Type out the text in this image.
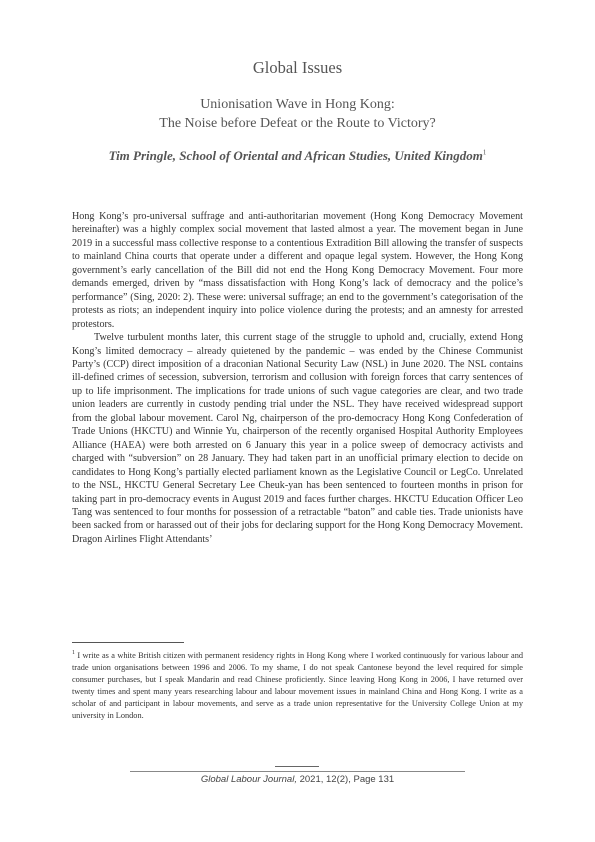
Global Issues
Unionisation Wave in Hong Kong:
The Noise before Defeat or the Route to Victory?

Tim Pringle, School of Oriental and African Studies, United Kingdom$^1$

Hong Kong’s pro-universal suffrage and anti-authoritarian movement (Hong Kong Democracy Movement hereinafter) was a highly complex social movement that lasted almost a year. The movement began in June 2019 in a successful mass collective response to a contentious Extradition Bill allowing the transfer of suspects to mainland China courts that operate under a different and opaque legal system. However, the Hong Kong government’s early cancellation of the Bill did not end the Hong Kong Democracy Movement. Four more demands emerged, driven by “mass dissatisfaction with Hong Kong’s lack of democracy and the police’s performance” (Sing, 2020: 2). These were: universal suffrage; an end to the government’s categorisation of the protests as riots; an independent inquiry into police violence during the protests; and an amnesty for arrested protestors.

Twelve turbulent months later, this current stage of the struggle to uphold and, crucially, extend Hong Kong’s limited democracy – already quietened by the pandemic – was ended by the Chinese Communist Party’s (CCP) direct imposition of a draconian National Security Law (NSL) in June 2020. The NSL contains ill-defined crimes of secession, subversion, terrorism and collusion with foreign forces that carry sentences of up to life imprisonment. The implications for trade unions of such vague categories are clear, and two trade union leaders are currently in custody pending trial under the NSL. They have received widespread support from the global labour movement. Carol Ng, chairperson of the pro-democracy Hong Kong Confederation of Trade Unions (HKCTU) and Winnie Yu, chairperson of the recently organised Hospital Authority Employees Alliance (HAEA) were both arrested on 6 January this year in a police sweep of democracy activists and charged with “subversion” on 28 January. They had taken part in an unofficial primary election to decide on candidates to Hong Kong’s partially elected parliament known as the Legislative Council or LegCo. Unrelated to the NSL, HKCTU General Secretary Lee Cheuk-yan has been sentenced to fourteen months in prison for taking part in pro-democracy events in August 2019 and faces further charges. HKCTU Education Officer Leo Tang was sentenced to four months for possession of a retractable “baton” and cable ties. Trade unionists have been sacked from or harassed out of their jobs for declaring support for the Hong Kong Democracy Movement. Dragon Airlines Flight Attendants’

$^1$ I write as a white British citizen with permanent residency rights in Hong Kong where I worked continuously for various labour and trade union organisations between 1996 and 2006. To my shame, I do not speak Cantonese beyond the level required for simple consumer purchases, but I speak Mandarin and read Chinese proficiently. Since leaving Hong Kong in 2006, I have returned over twenty times and spent many years researching labour and labour movement issues in mainland China and Hong Kong. I write as a scholar of and participant in labour movements, and serve as a trade union representative for the University College Union at my university in London.

Global Labour Journal, 2021, 12(2), Page 131
